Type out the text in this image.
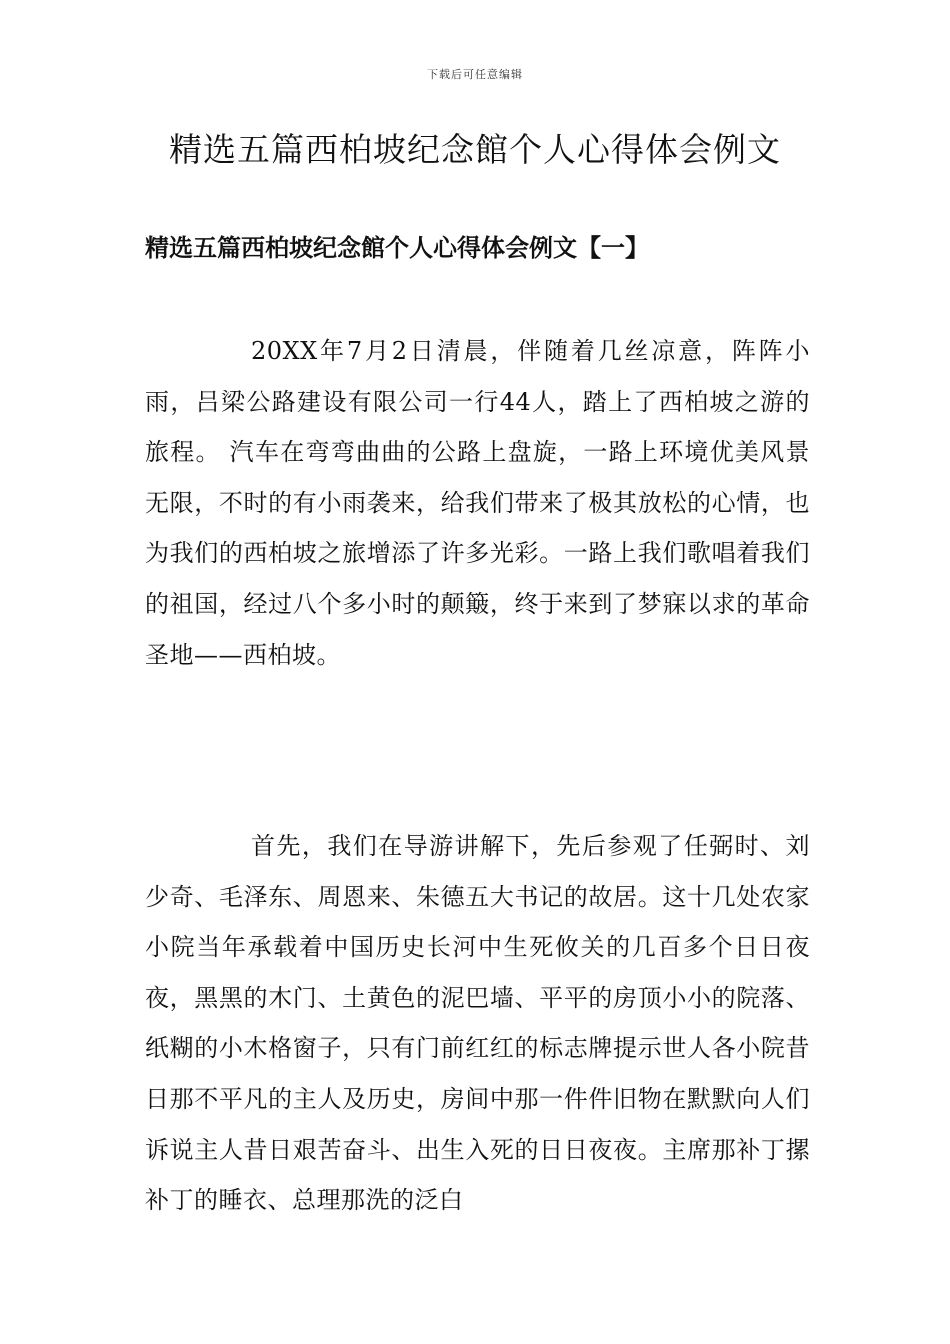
下载后可任意编辑
精选五篇西柏坡纪念館个人心得体会例文
精选五篇西柏坡纪念館个人心得体会例文【一】

20XX年7月2日清晨，伴随着几丝凉意，阵阵小雨，吕梁公路建设有限公司一行44人，踏上了西柏坡之游的旅程。 汽车在弯弯曲曲的公路上盘旋，一路上环境优美风景无限，不时的有小雨袭来，给我们带来了极其放松的心情，也为我们的西柏坡之旅增添了许多光彩。一路上我们歌唱着我们的祖国，经过八个多小时的颠簸，终于来到了梦寐以求的革命圣地——西柏坡。

首先，我们在导游讲解下，先后参观了任弼时、刘少奇、毛泽东、周恩来、朱德五大书记的故居。这十几处农家小院当年承载着中国历史长河中生死攸关的几百多个日日夜夜，黑黑的木门、土黄色的泥巴墙、平平的房顶小小的院落、纸糊的小木格窗子，只有门前红红的标志牌提示世人各小院昔日那不平凡的主人及历史，房间中那一件件旧物在默默向人们诉说主人昔日艰苦奋斗、出生入死的日日夜夜。主席那补丁摞补丁的睡衣、总理那洗的泛白
